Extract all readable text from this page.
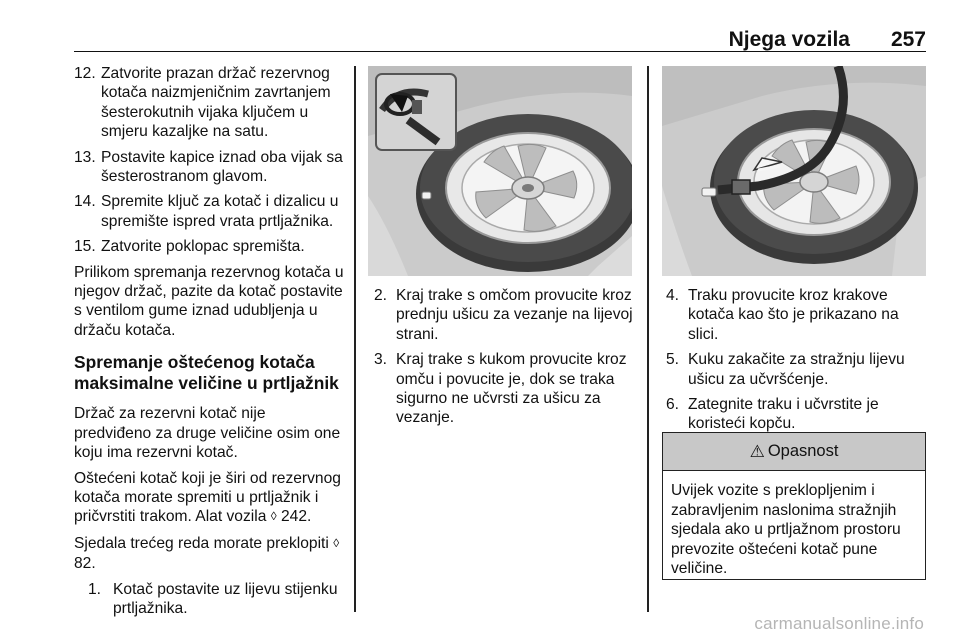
Njega vozila 257
12. Zatvorite prazan držač rezervnog kotača naizmjeničnim zavrtanjem šesterokutnih vijaka ključem u smjeru kazaljke na satu.
13. Postavite kapice iznad oba vijak sa šesterostranom glavom.
14. Spremite ključ za kotač i dizalicu u spremište ispred vrata prtljažnika.
15. Zatvorite poklopac spremišta.
Prilikom spremanja rezervnog kotača u njegov držač, pazite da kotač postavite s ventilom gume iznad udubljenja u držaču kotača.
Spremanje oštećenog kotača maksimalne veličine u prtljažnik
Držač za rezervni kotač nije predviđeno za druge veličine osim one koju ima rezervni kotač.
Oštećeni kotač koji je širi od rezervnog kotača morate spremiti u prtljažnik i pričvrstiti trakom. Alat vozila ◊ 242.
Sjedala trećeg reda morate preklopiti ◊ 82.
1. Kotač postavite uz lijevu stijenku prtljažnika.
2. Kraj trake s omčom provucite kroz prednju ušicu za vezanje na lijevoj strani.
3. Kraj trake s kukom provucite kroz omču i povucite je, dok se traka sigurno ne učvrsti za ušicu za vezanje.
4. Traku provucite kroz krakove kotača kao što je prikazano na slici.
5. Kuku zakačite za stražnju lijevu ušicu za učvršćenje.
6. Zategnite traku i učvrstite je koristeći kopču.
⚠ Opasnost
Uvijek vozite s preklopljenim i zabravljenim naslonima stražnjih sjedala ako u prtljažnom prostoru prevozite oštećeni kotač pune veličine.
carmanualsonline.info
